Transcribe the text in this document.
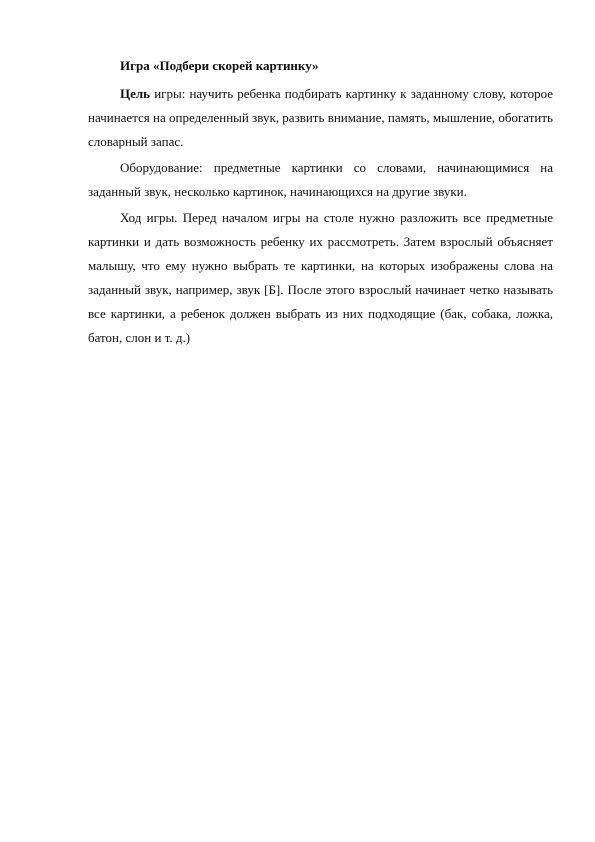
Игра «Подбери скорей картинку»

Цель игры: научить ребенка подбирать картинку к заданному слову, которое начинается на определенный звук, развить внимание, память, мышление, обогатить словарный запас.

Оборудование: предметные картинки со словами, начинающимися на заданный звук, несколько картинок, начинающихся на другие звуки.

Ход игры. Перед началом игры на столе нужно разложить все предметные картинки и дать возможность ребенку их рассмотреть. Затем взрослый объясняет малышу, что ему нужно выбрать те картинки, на которых изображены слова на заданный звук, например, звук [Б]. После этого взрослый начинает четко называть все картинки, а ребенок должен выбрать из них подходящие (бак, собака, ложка, батон, слон и т. д.)
